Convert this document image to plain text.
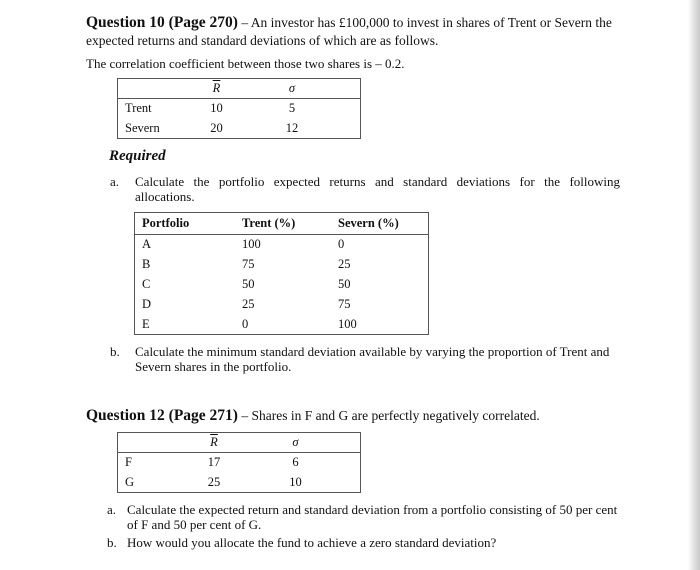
Question 10 (Page 270) – An investor has £100,000 to invest in shares of Trent or Severn the expected returns and standard deviations of which are as follows.
The correlation coefficient between those two shares is – 0.2.
	$\overline{R}$	σ
Trent	10	5
Severn	20	12
Required
a. Calculate the portfolio expected returns and standard deviations for the following allocations.
Portfolio	Trent (%)	Severn (%)
A	100	0
B	75	25
C	50	50
D	25	75
E	0	100
b. Calculate the minimum standard deviation available by varying the proportion of Trent and Severn shares in the portfolio.
Question 12 (Page 271) – Shares in F and G are perfectly negatively correlated.
	$\overline{R}$	σ
F	17	6
G	25	10
a. Calculate the expected return and standard deviation from a portfolio consisting of 50 per cent of F and 50 per cent of G.
b. How would you allocate the fund to achieve a zero standard deviation?
